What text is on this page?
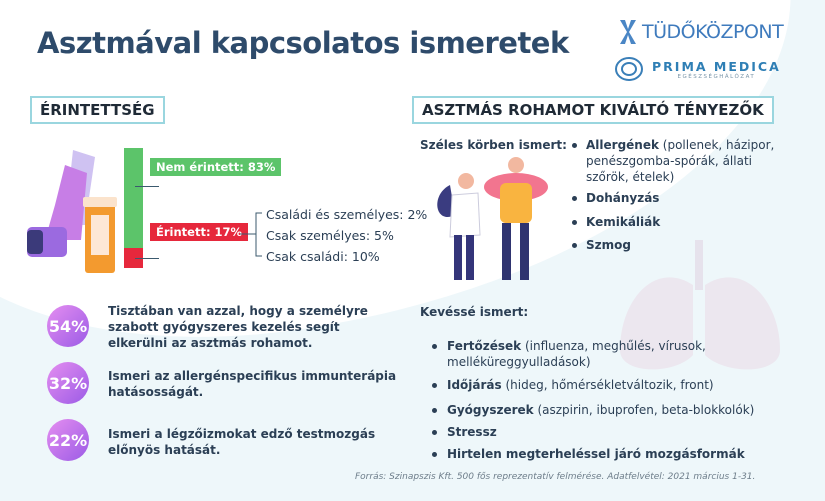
Asztmával kapcsolatos ismeretek	TÜDŐKÖZPONT
PRIMA MEDICA
EGÉSZSÉGHÁLÓZAT
ÉRINTETTSÉG
Nem érintett: 83%
Érintett: 17%
Családi és személyes: 2%
Csak személyes: 5%
Csak családi: 10%
54%
Tisztában van azzal, hogy a személyre
szabott gyógyszeres kezelés segít
elkerülni az asztmás rohamot.
32% Ismeri az allergénspecifikus immunterápia
hatásosságát.
22% Ismeri a légzőizmokat edző testmozgás
előnyös hatását.
ASZTMÁS ROHAMOT KIVÁLTÓ TÉNYEZŐK
Széles körben ismert: Allergének (pollenek, házipor,
penészgomba-spórák, állati
szőrök, ételek)
Dohányzás
Kemikáliák
Szmog
Kevéssé ismert:
Fertőzések (influenza, meghűlés, vírusok,
melléküreggyulladások)
Időjárás (hideg, hőmérsékletváltozik, front)
Gyógyszerek (aszpirin, ibuprofen, beta-blokkolók)
Stressz
Hirtelen megterheléssel járó mozgásformák
Forrás: Szinapszis Kft. 500 fős reprezentatív felmérése. Adatfelvétel: 2021 március 1-31.
